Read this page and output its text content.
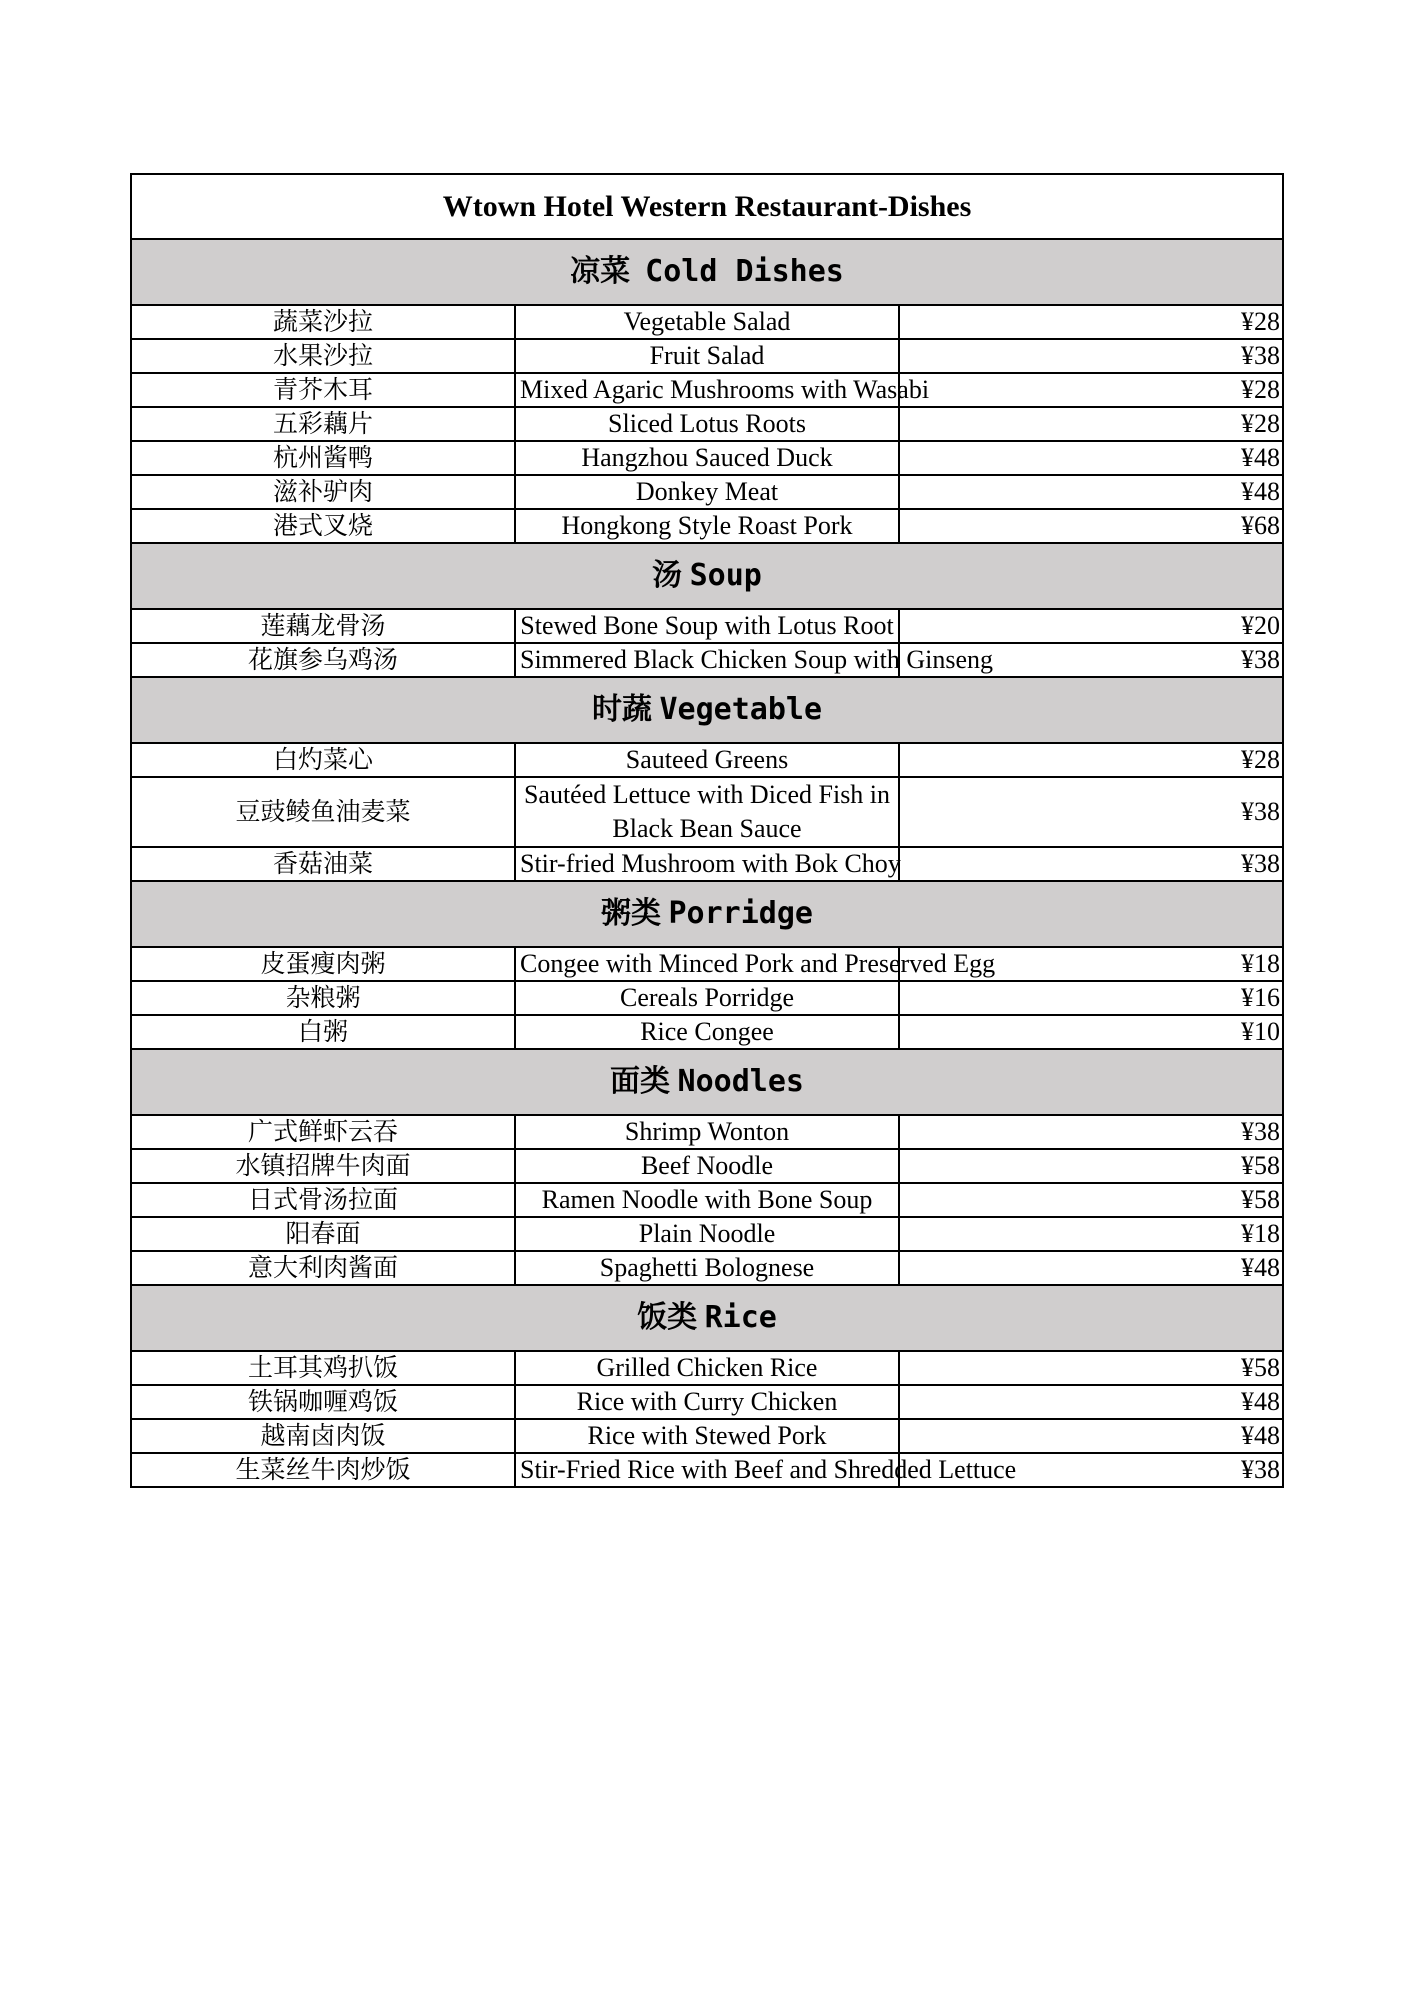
Wtown Hotel Western Restaurant-Dishes		
凉菜 Cold Dishes		
蔬菜沙拉	Vegetable Salad	¥28
水果沙拉	Fruit Salad	¥38
青芥木耳	Mixed Agaric Mushrooms with Wasabi	¥28
五彩藕片	Sliced Lotus Roots	¥28
杭州酱鸭	Hangzhou Sauced Duck	¥48
滋补驴肉	Donkey Meat	¥48
港式叉烧	Hongkong Style Roast Pork	¥68
汤 Soup		
莲藕龙骨汤	Stewed Bone Soup with Lotus Root	¥20
花旗参乌鸡汤	Simmered Black Chicken Soup with Ginseng	¥38
时蔬 Vegetable		
白灼菜心	Sauteed Greens	¥28
豆豉鲮鱼油麦菜	Sautéed Lettuce with Diced Fish in Black Bean Sauce	¥38
香菇油菜	Stir-fried Mushroom with Bok Choy	¥38
粥类 Porridge		
皮蛋瘦肉粥	Congee with Minced Pork and Preserved Egg	¥18
杂粮粥	Cereals Porridge	¥16
白粥	Rice Congee	¥10
面类 Noodles		
广式鲜虾云吞	Shrimp Wonton	¥38
水镇招牌牛肉面	Beef Noodle	¥58
日式骨汤拉面	Ramen Noodle with Bone Soup	¥58
阳春面	Plain Noodle	¥18
意大利肉酱面	Spaghetti Bolognese	¥48
饭类 Rice		
土耳其鸡扒饭	Grilled Chicken Rice	¥58
铁锅咖喱鸡饭	Rice with Curry Chicken	¥48
越南卤肉饭	Rice with Stewed Pork	¥48
生菜丝牛肉炒饭	Stir-Fried Rice with Beef and Shredded Lettuce	¥38
